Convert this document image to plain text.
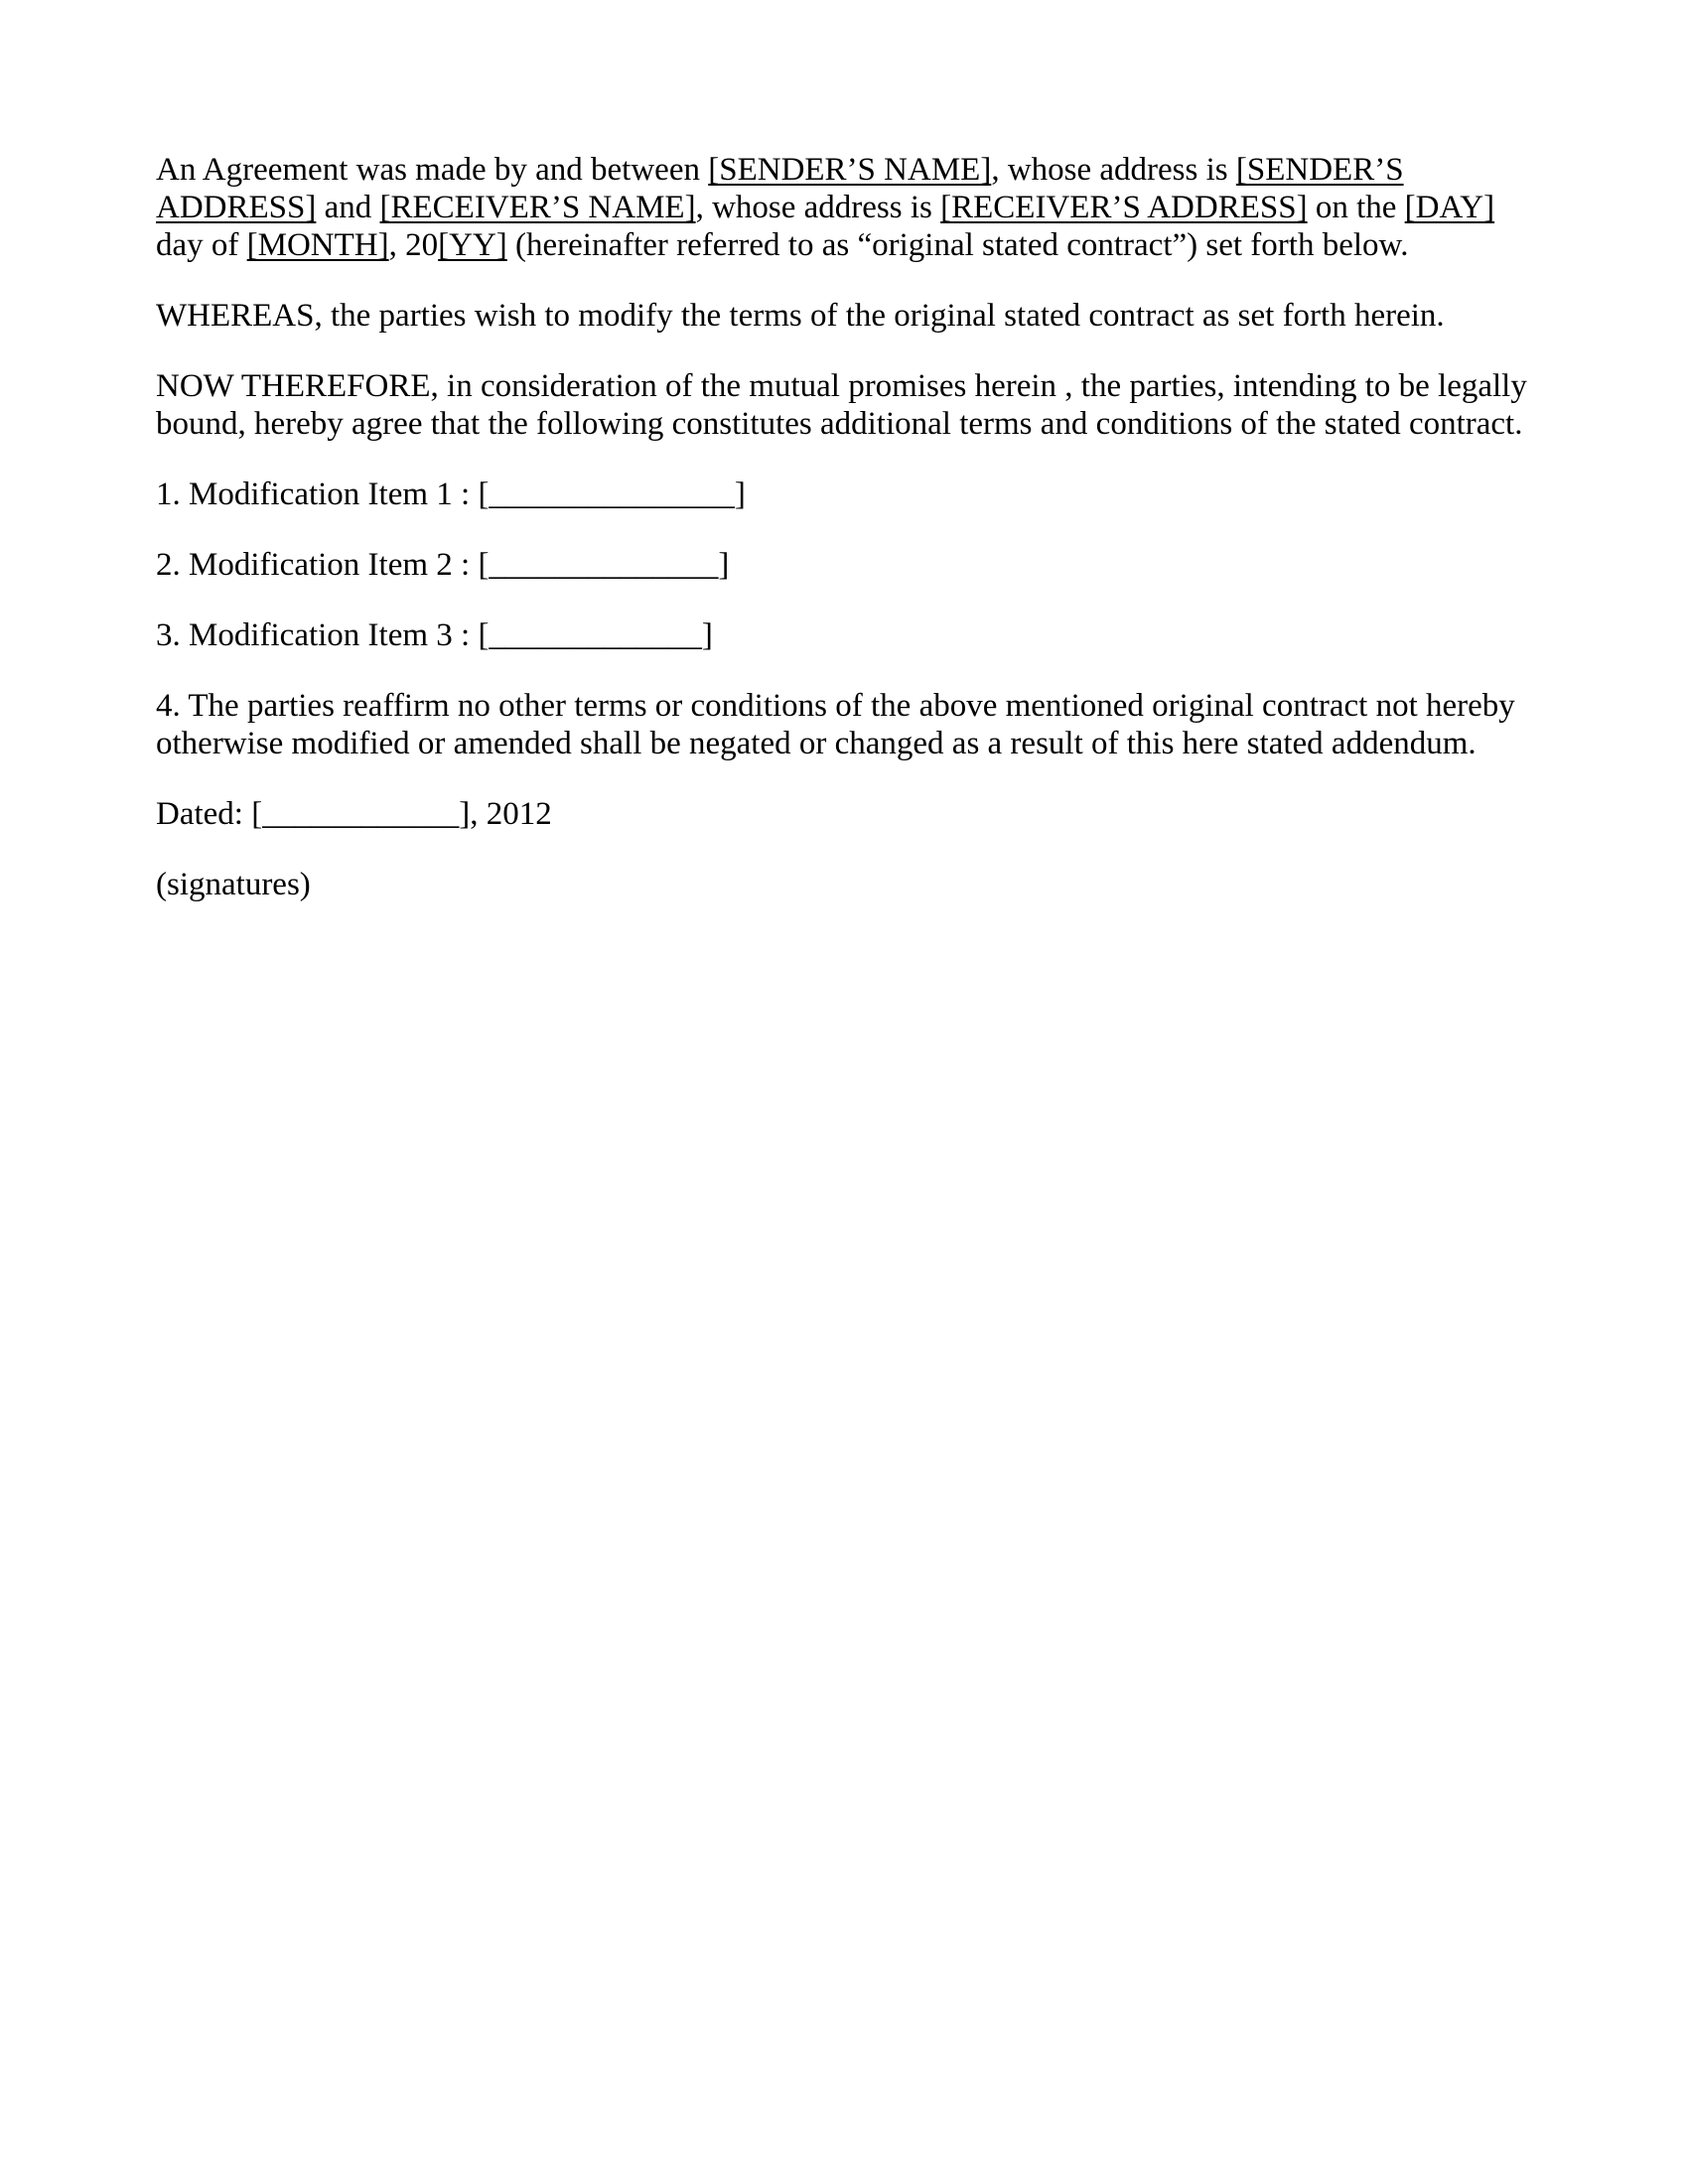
An Agreement was made by and between [SENDER’S NAME], whose address is [SENDER’S ADDRESS] and [RECEIVER’S NAME], whose address is [RECEIVER’S ADDRESS] on the [DAY] day of [MONTH], 20[YY] (hereinafter referred to as “original stated contract”) set forth below.

WHEREAS, the parties wish to modify the terms of the original stated contract as set forth herein.

NOW THEREFORE, in consideration of the mutual promises herein , the parties, intending to be legally bound, hereby agree that the following constitutes additional terms and conditions of the stated contract.

1. Modification Item 1 : [_______________]

2. Modification Item 2 : [______________]

3. Modification Item 3 : [_____________]

4. The parties reaffirm no other terms or conditions of the above mentioned original contract not hereby otherwise modified or amended shall be negated or changed as a result of this here stated addendum.

Dated: [____________], 2012

(signatures)
